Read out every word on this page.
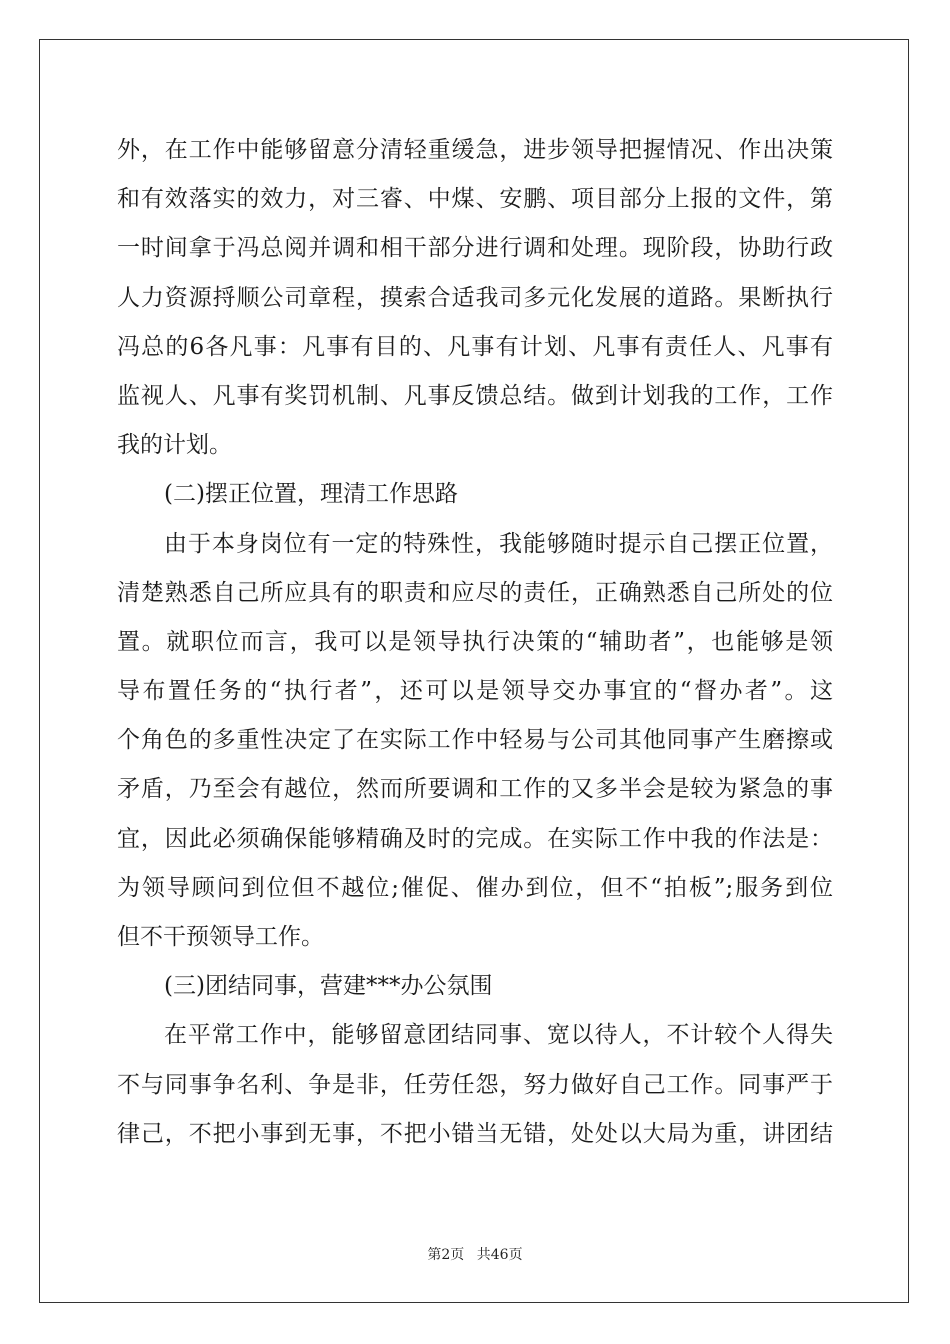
外，在工作中能够留意分清轻重缓急，进步领导把握情况、作出决策
和有效落实的效力，对三睿、中煤、安鹏、项目部分上报的文件，第
一时间拿于冯总阅并调和相干部分进行调和处理。现阶段，协助行政
人力资源捋顺公司章程，摸索合适我司多元化发展的道路。果断执行
冯总的6各凡事：凡事有目的、凡事有计划、凡事有责任人、凡事有
监视人、凡事有奖罚机制、凡事反馈总结。做到计划我的工作，工作
我的计划。
(二)摆正位置，理清工作思路
由于本身岗位有一定的特殊性，我能够随时提示自己摆正位置，
清楚熟悉自己所应具有的职责和应尽的责任，正确熟悉自己所处的位
置。就职位而言，我可以是领导执行决策的“辅助者”，也能够是领
导布置任务的“执行者”，还可以是领导交办事宜的“督办者”。这
个角色的多重性决定了在实际工作中轻易与公司其他同事产生磨擦或
矛盾，乃至会有越位，然而所要调和工作的又多半会是较为紧急的事
宜，因此必须确保能够精确及时的完成。在实际工作中我的作法是：
为领导顾问到位但不越位;催促、催办到位，但不“拍板”;服务到位
但不干预领导工作。
(三)团结同事，营建***办公氛围
在平常工作中，能够留意团结同事、宽以待人，不计较个人得失
不与同事争名利、争是非，任劳任怨，努力做好自己工作。同事严于
律己，不把小事到无事，不把小错当无错，处处以大局为重，讲团结
第2页 共46页
